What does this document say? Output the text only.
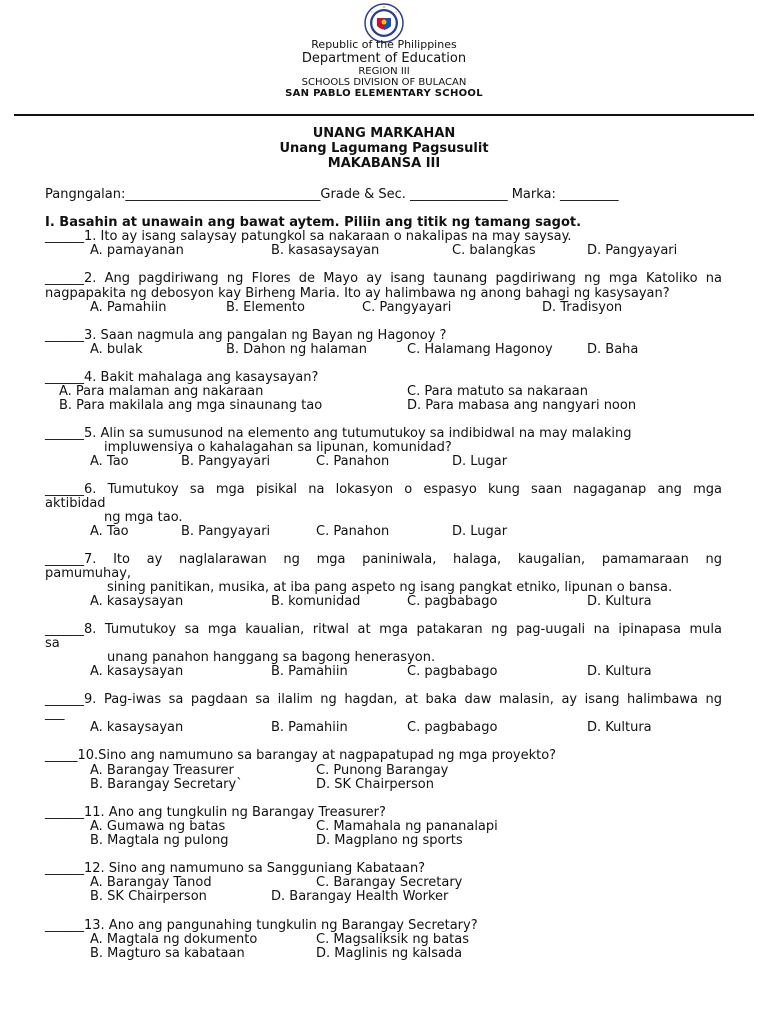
Republic of the Philippines
Department of Education
REGION III
SCHOOLS DIVISION OF BULACAN
SAN PABLO ELEMENTARY SCHOOL
UNANG MARKAHAN
Unang Lagumang Pagsusulit
MAKABANSA III
Pangngalan:______________________________Grade & Sec. _______________ Marka: _________
I. Basahin at unawain ang bawat aytem. Piliin ang titik ng tamang sagot.
______1. Ito ay isang salaysay patungkol sa nakaraan o nakalipas na may saysay.
A. pamayanan	B. kasasaysayan	C. balangkas	D. Pangyayari
______2. Ang pagdiriwang ng Flores de Mayo ay isang taunang pagdiriwang ng mga Katoliko na
nagpapakita ng debosyon kay Birheng Maria. Ito ay halimbawa ng anong bahagi ng kasysayan?
A. Pamahiin	B. Elemento	C. Pangyayari	D. Tradisyon
______3. Saan nagmula ang pangalan ng Bayan ng Hagonoy ?
A. bulak	B. Dahon ng halaman	C. Halamang Hagonoy	D. Baha
______4. Bakit mahalaga ang kasaysayan?
A. Para malaman ang nakaraan	C. Para matuto sa nakaraan
B. Para makilala ang mga sinaunang tao	D. Para mabasa ang nangyari noon
______5. Alin sa sumusunod na elemento ang tutumutukoy sa indibidwal na may malaking
impluwensiya o kahalagahan sa lipunan, komunidad?
A. Tao	B. Pangyayari	C. Panahon	D. Lugar
______6. Tumutukoy sa mga pisikal na lokasyon o espasyo kung saan nagaganap ang mga
aktibidad
ng mga tao.
A. Tao	B. Pangyayari	C. Panahon	D. Lugar
______7. Ito ay naglalarawan ng mga paniniwala, halaga, kaugalian, pamamaraan ng
pamumuhay,
sining panitikan, musika, at iba pang aspeto ng isang pangkat etniko, lipunan o bansa.
A. kasaysayan	B. komunidad	C. pagbabago	D. Kultura
______8. Tumutukoy sa mga kaualian, ritwal at mga patakaran ng pag-uugali na ipinapasa mula
sa
unang panahon hanggang sa bagong henerasyon.
A. kasaysayan	B. Pamahiin	C. pagbabago	D. Kultura
______9. Pag-iwas sa pagdaan sa ilalim ng hagdan, at baka daw malasin, ay isang halimbawa ng
___
A. kasaysayan	B. Pamahiin	C. pagbabago	D. Kultura
_____10.Sino ang namumuno sa barangay at nagpapatupad ng mga proyekto?
A. Barangay Treasurer	C. Punong Barangay
B. Barangay Secretary`	D. SK Chairperson
______11. Ano ang tungkulin ng Barangay Treasurer?
A. Gumawa ng batas	C. Mamahala ng pananalapi
B. Magtala ng pulong	D. Magplano ng sports
______12. Sino ang namumuno sa Sangguniang Kabataan?
A. Barangay Tanod	C. Barangay Secretary
B. SK Chairperson	D. Barangay Health Worker
______13. Ano ang pangunahing tungkulin ng Barangay Secretary?
A. Magtala ng dokumento	C. Magsaliksik ng batas
B. Magturo sa kabataan	D. Maglinis ng kalsada
